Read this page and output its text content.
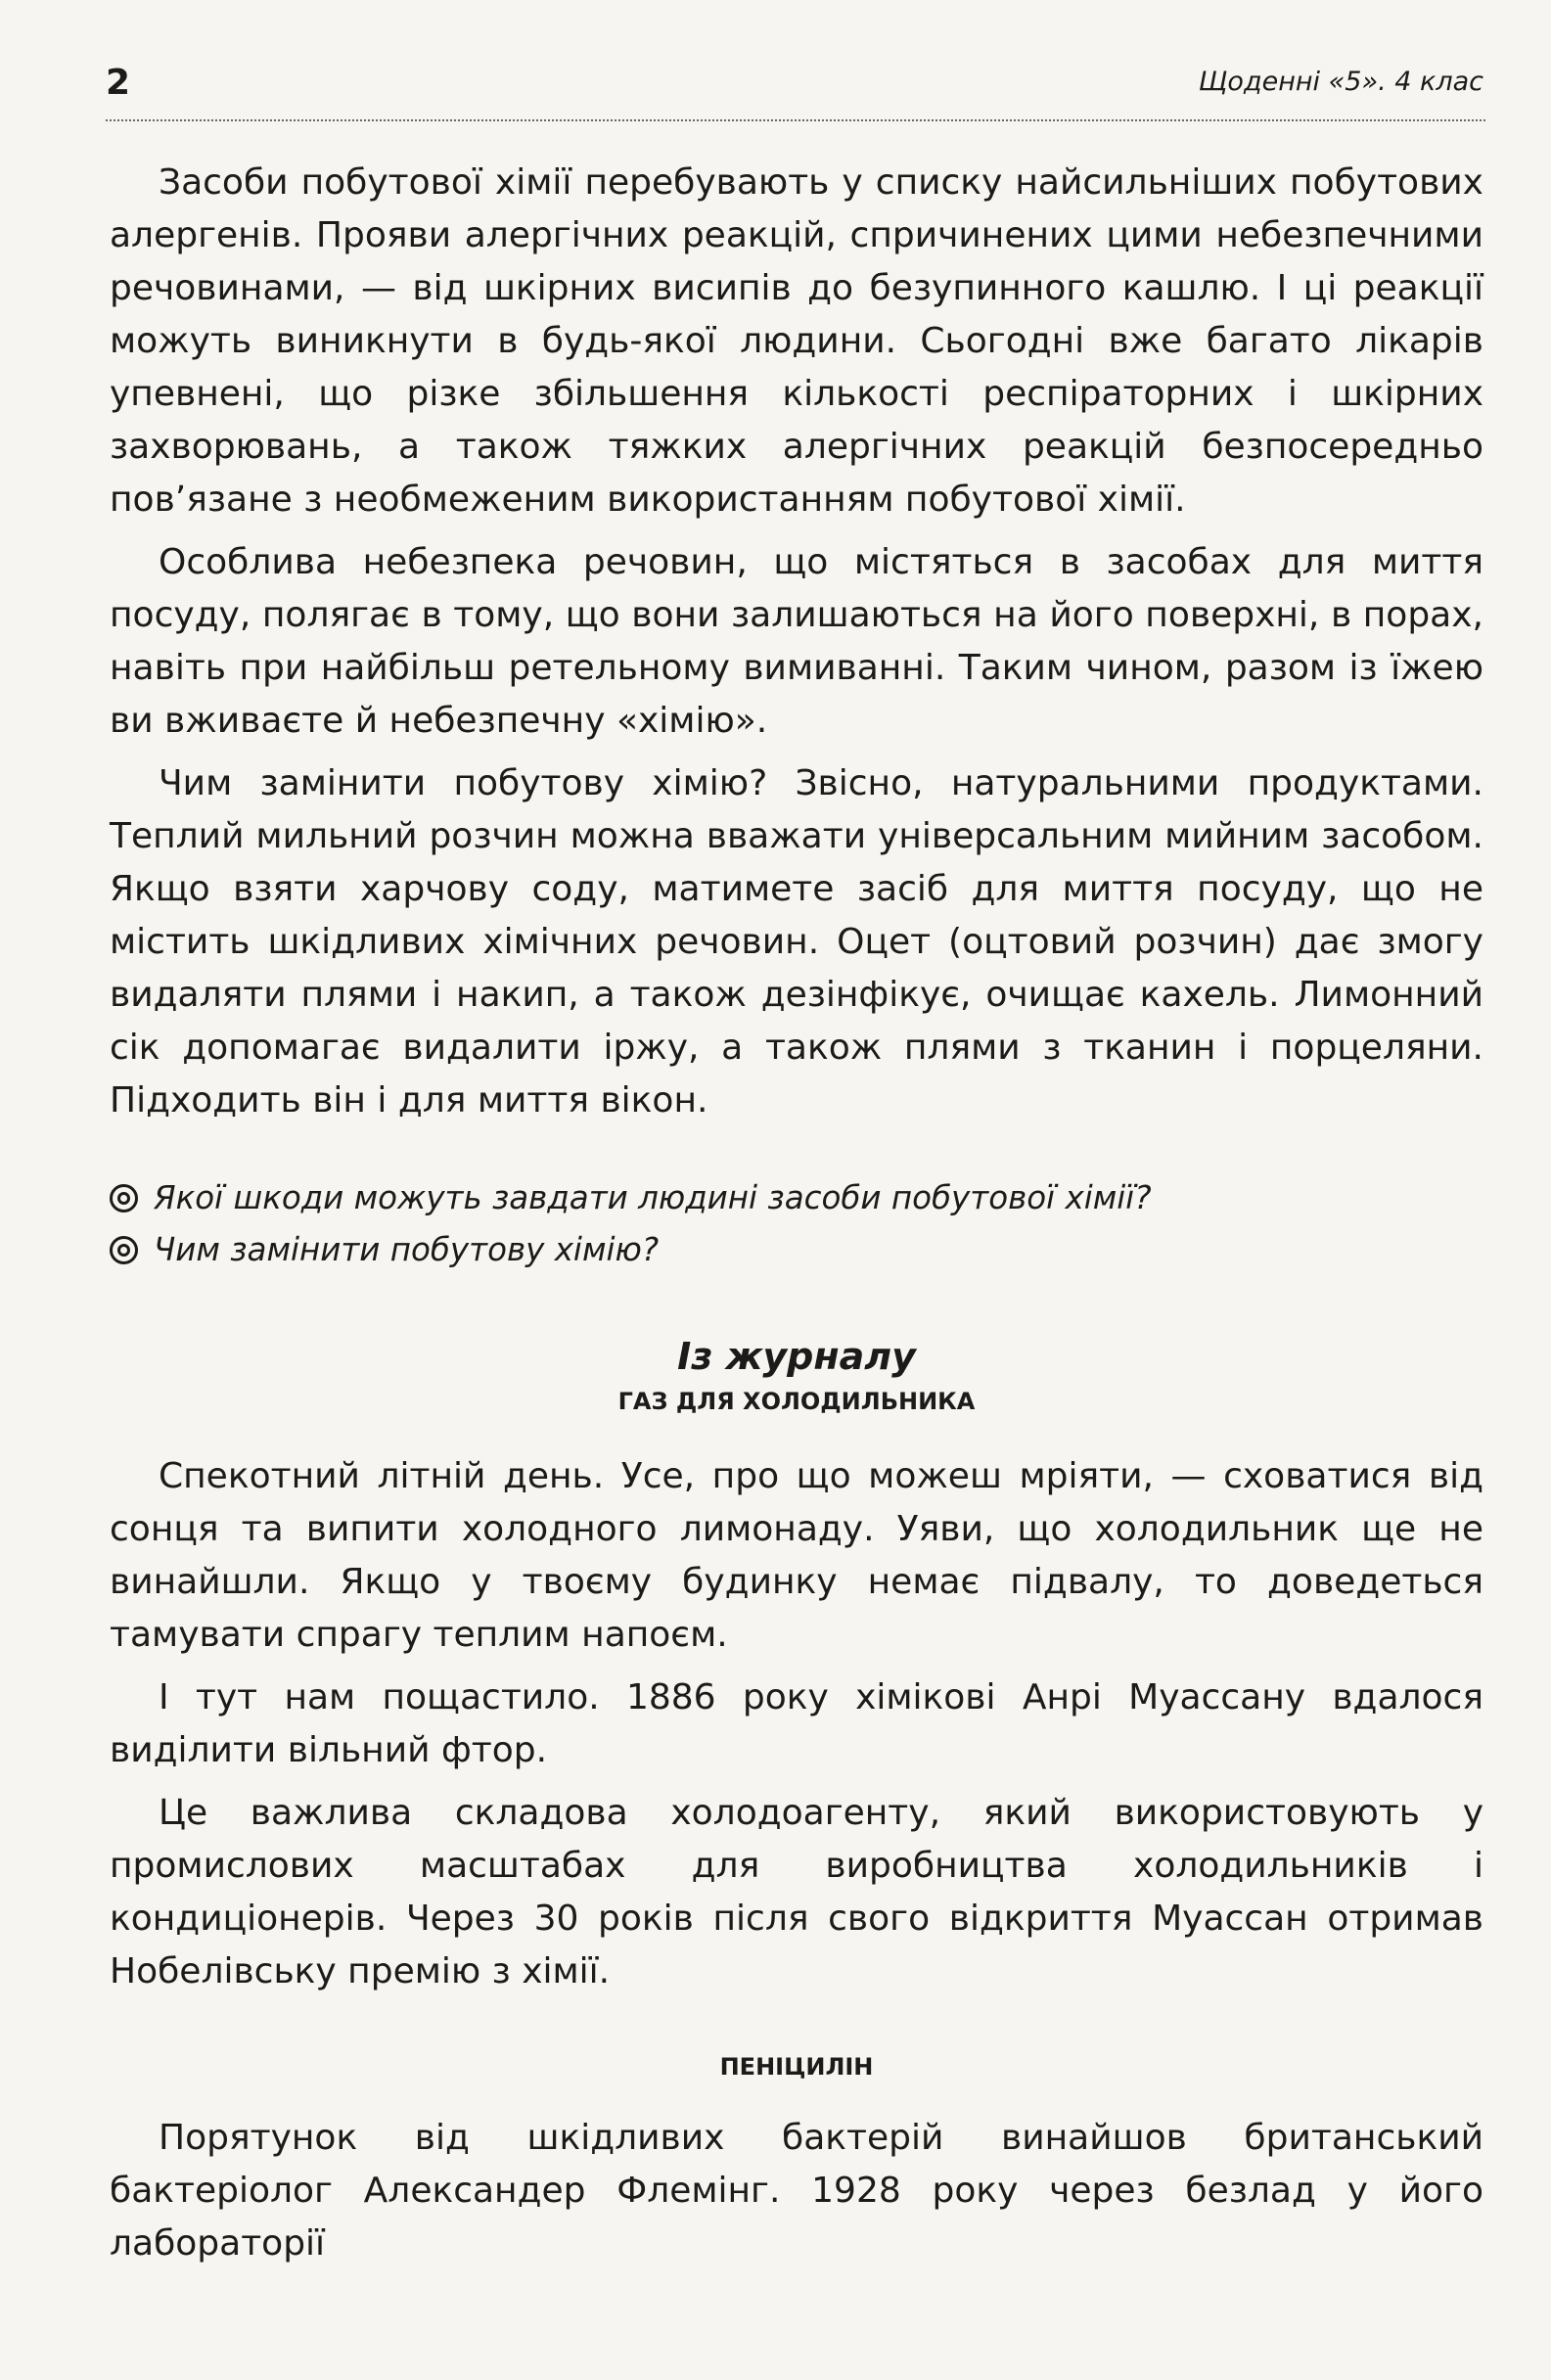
2	Щоденні «5». 4 клас

Засоби побутової хімії перебувають у списку найсильніших побутових алергенів. Прояви алергічних реакцій, спричинених цими небезпечними речовинами, — від шкірних висипів до безупинного кашлю. І ці реакції можуть виникнути в будь-якої людини. Сьогодні вже багато лікарів упевнені, що різке збільшення кількості респіраторних і шкірних захворювань, а також тяжких алергічних реакцій безпосередньо пов’язане з необмеженим використанням побутової хімії.

Особлива небезпека речовин, що містяться в засобах для миття посуду, полягає в тому, що вони залишаються на його поверхні, в порах, навіть при найбільш ретельному вимиванні. Таким чином, разом із їжею ви вживаєте й небезпечну «хімію».

Чим замінити побутову хімію? Звісно, натуральними продуктами. Теплий мильний розчин можна вважати універсальним мийним засобом. Якщо взяти харчову соду, матимете засіб для миття посуду, що не містить шкідливих хімічних речовин. Оцет (оцтовий розчин) дає змогу видаляти плями і накип, а також дезінфікує, очищає кахель. Лимонний сік допомагає видалити іржу, а також плями з тканин і порцеляни. Підходить він і для миття вікон.

Якої шкоди можуть завдати людині засоби побутової хімії?
Чим замінити побутову хімію?
Із журналу
ГАЗ ДЛЯ ХОЛОДИЛЬНИКА

Спекотний літній день. Усе, про що можеш мріяти, — сховатися від сонця та випити холодного лимонаду. Уяви, що холодильник ще не винайшли. Якщо у твоєму будинку немає підвалу, то доведеться тамувати спрагу теплим напоєм.

І тут нам пощастило. 1886 року хімікові Анрі Муассану вдалося виділити вільний фтор.

Це важлива складова холодоагенту, який використовують у промислових масштабах для виробництва холодильників і кондиціонерів. Через 30 років після свого відкриття Муассан отримав Нобелівську премію з хімії.

ПЕНІЦИЛІН

Порятунок від шкідливих бактерій винайшов британський бактеріолог Александер Флемінг. 1928 року через безлад у його лабораторії
